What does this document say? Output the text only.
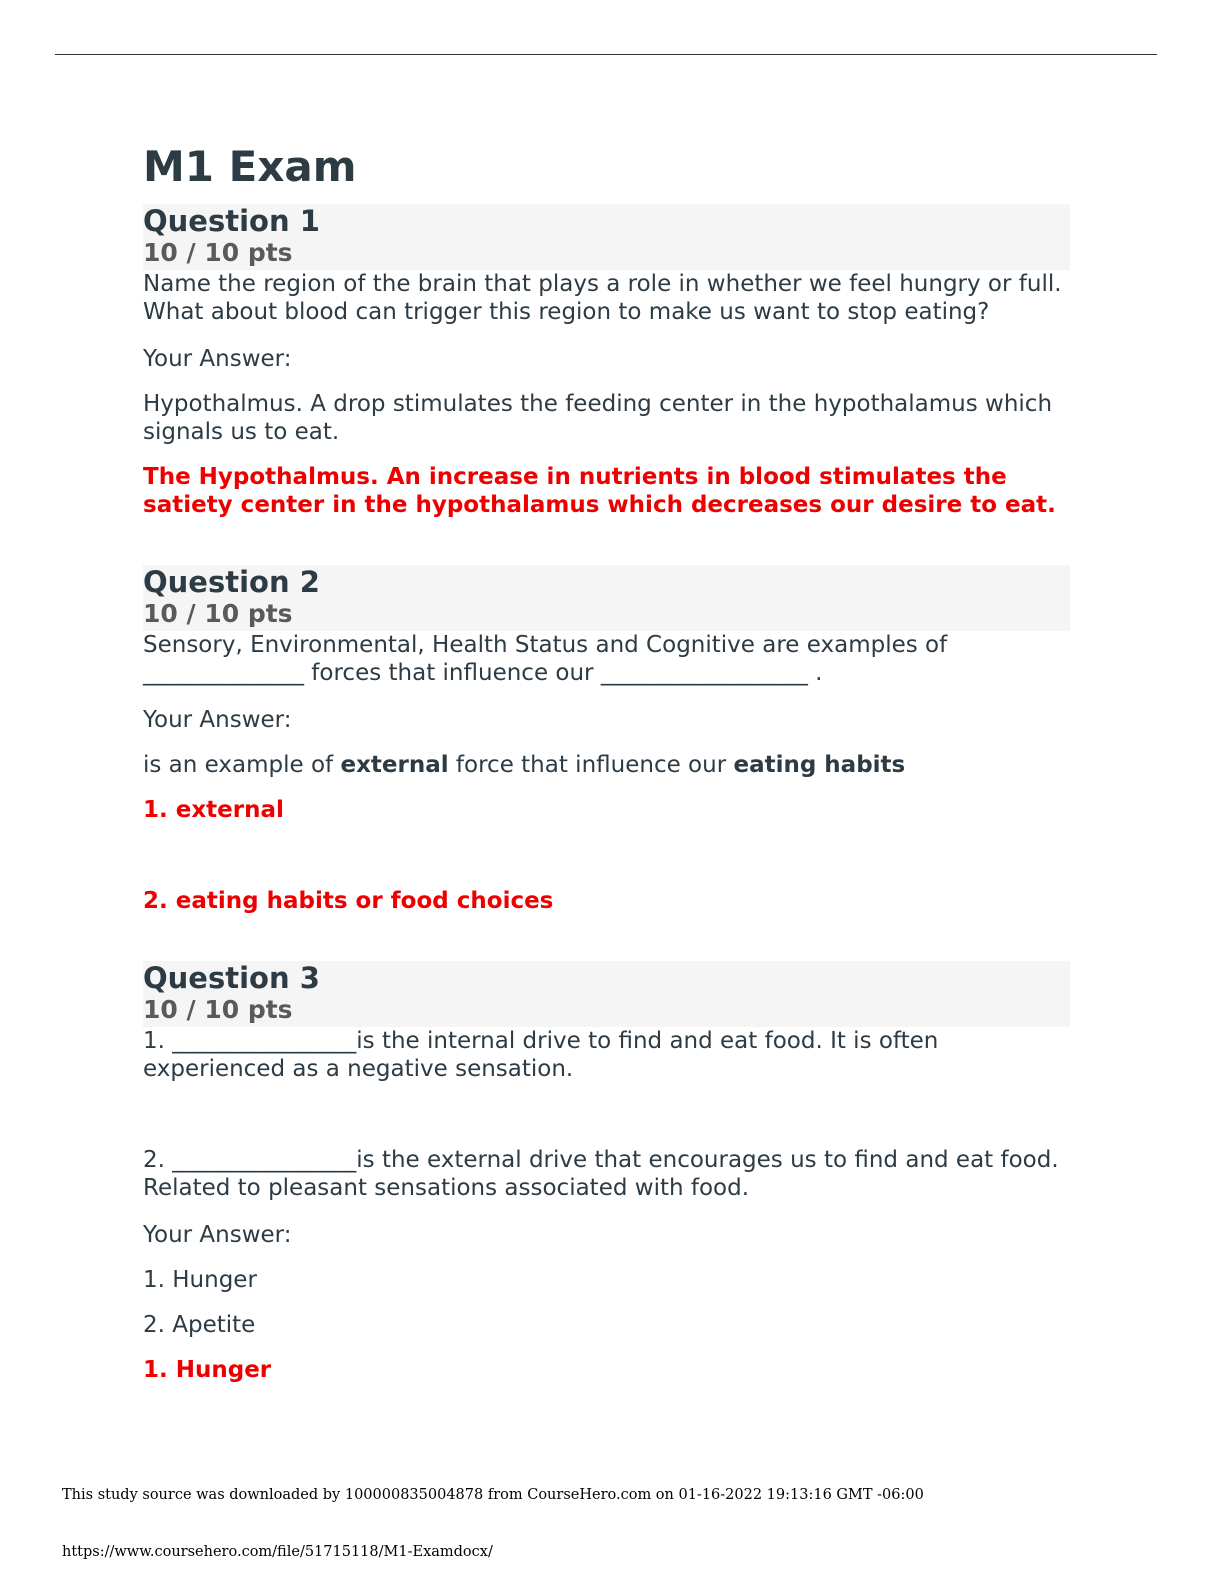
M1 Exam
Question 1
10 / 10 pts

Name the region of the brain that plays a role in whether we feel hungry or full. What about blood can trigger this region to make us want to stop eating?

Your Answer:

Hypothalmus. A drop stimulates the feeding center in the hypothalamus which signals us to eat.

The Hypothalmus. An increase in nutrients in blood stimulates the satiety center in the hypothalamus which decreases our desire to eat.

Question 2
10 / 10 pts

Sensory, Environmental, Health Status and Cognitive are examples of ______________ forces that influence our __________________ .

Your Answer:

is an example of external force that influence our eating habits

1. external

2. eating habits or food choices

Question 3
10 / 10 pts

1. ________________is the internal drive to find and eat food. It is often experienced as a negative sensation.

2. ________________is the external drive that encourages us to find and eat food. Related to pleasant sensations associated with food.

Your Answer:

1. Hunger

2. Apetite

1. Hunger

This study source was downloaded by 100000835004878 from CourseHero.com on 01-16-2022 19:13:16 GMT -06:00
https://www.coursehero.com/file/51715118/M1-Examdocx/
